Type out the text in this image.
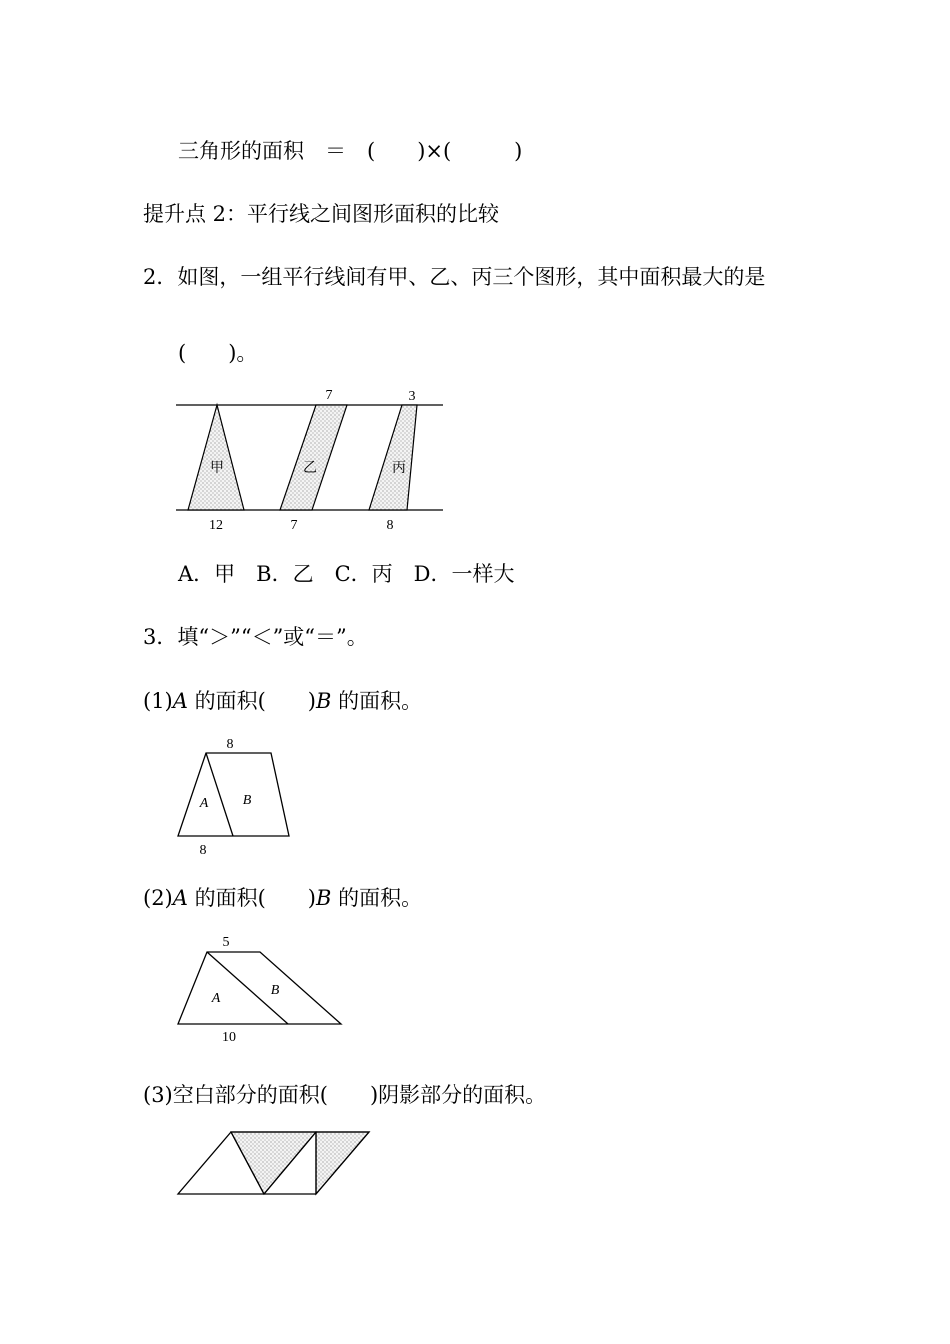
三角形的面积　＝　(　　)×(　　　)
提升点 2：平行线之间图形面积的比较
2．如图，一组平行线间有甲、乙、丙三个图形，其中面积最大的是
(　　)。
甲	乙	丙
7	3
12	7	8
A．甲　B．乙　C．丙　D．一样大
3．填“＞”“＜”或“＝”。
(1)A 的面积(　　)B 的面积。
8
8
A B
(2)A 的面积(　　)B 的面积。
5
10
A
B
(3)空白部分的面积(　　)阴影部分的面积。
